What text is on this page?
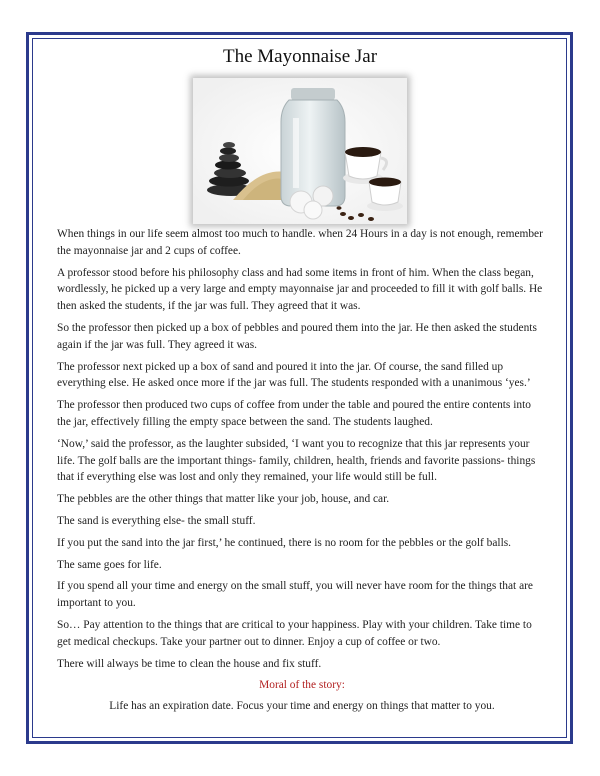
The Mayonnaise Jar

When things in our life seem almost too much to handle. when 24 Hours in a day is not enough, remember the mayonnaise jar and 2 cups of coffee.

A professor stood before his philosophy class and had some items in front of him. When the class began, wordlessly, he picked up a very large and empty mayonnaise jar and proceeded to fill it with golf balls. He then asked the students, if the jar was full. They agreed that it was.

So the professor then picked up a box of pebbles and poured them into the jar. He then asked the students again if the jar was full. They agreed it was.

The professor next picked up a box of sand and poured it into the jar. Of course, the sand filled up everything else. He asked once more if the jar was full. The students responded with a unanimous ‘yes.’

The professor then produced two cups of coffee from under the table and poured the entire contents into the jar, effectively filling the empty space between the sand. The students laughed.

‘Now,’ said the professor, as the laughter subsided, ‘I want you to recognize that this jar represents your life. The golf balls are the important things- family, children, health, friends and favorite passions- things that if everything else was lost and only they remained, your life would still be full.

The pebbles are the other things that matter like your job, house, and car.

The sand is everything else- the small stuff.

If you put the sand into the jar first,’ he continued, there is no room for the pebbles or the golf balls.

The same goes for life.

If you spend all your time and energy on the small stuff, you will never have room for the things that are important to you.

So… Pay attention to the things that are critical to your happiness. Play with your children. Take time to get medical checkups. Take your partner out to dinner. Enjoy a cup of coffee or two.

There will always be time to clean the house and fix stuff.

Moral of the story:
Life has an expiration date. Focus your time and energy on things that matter to you.
